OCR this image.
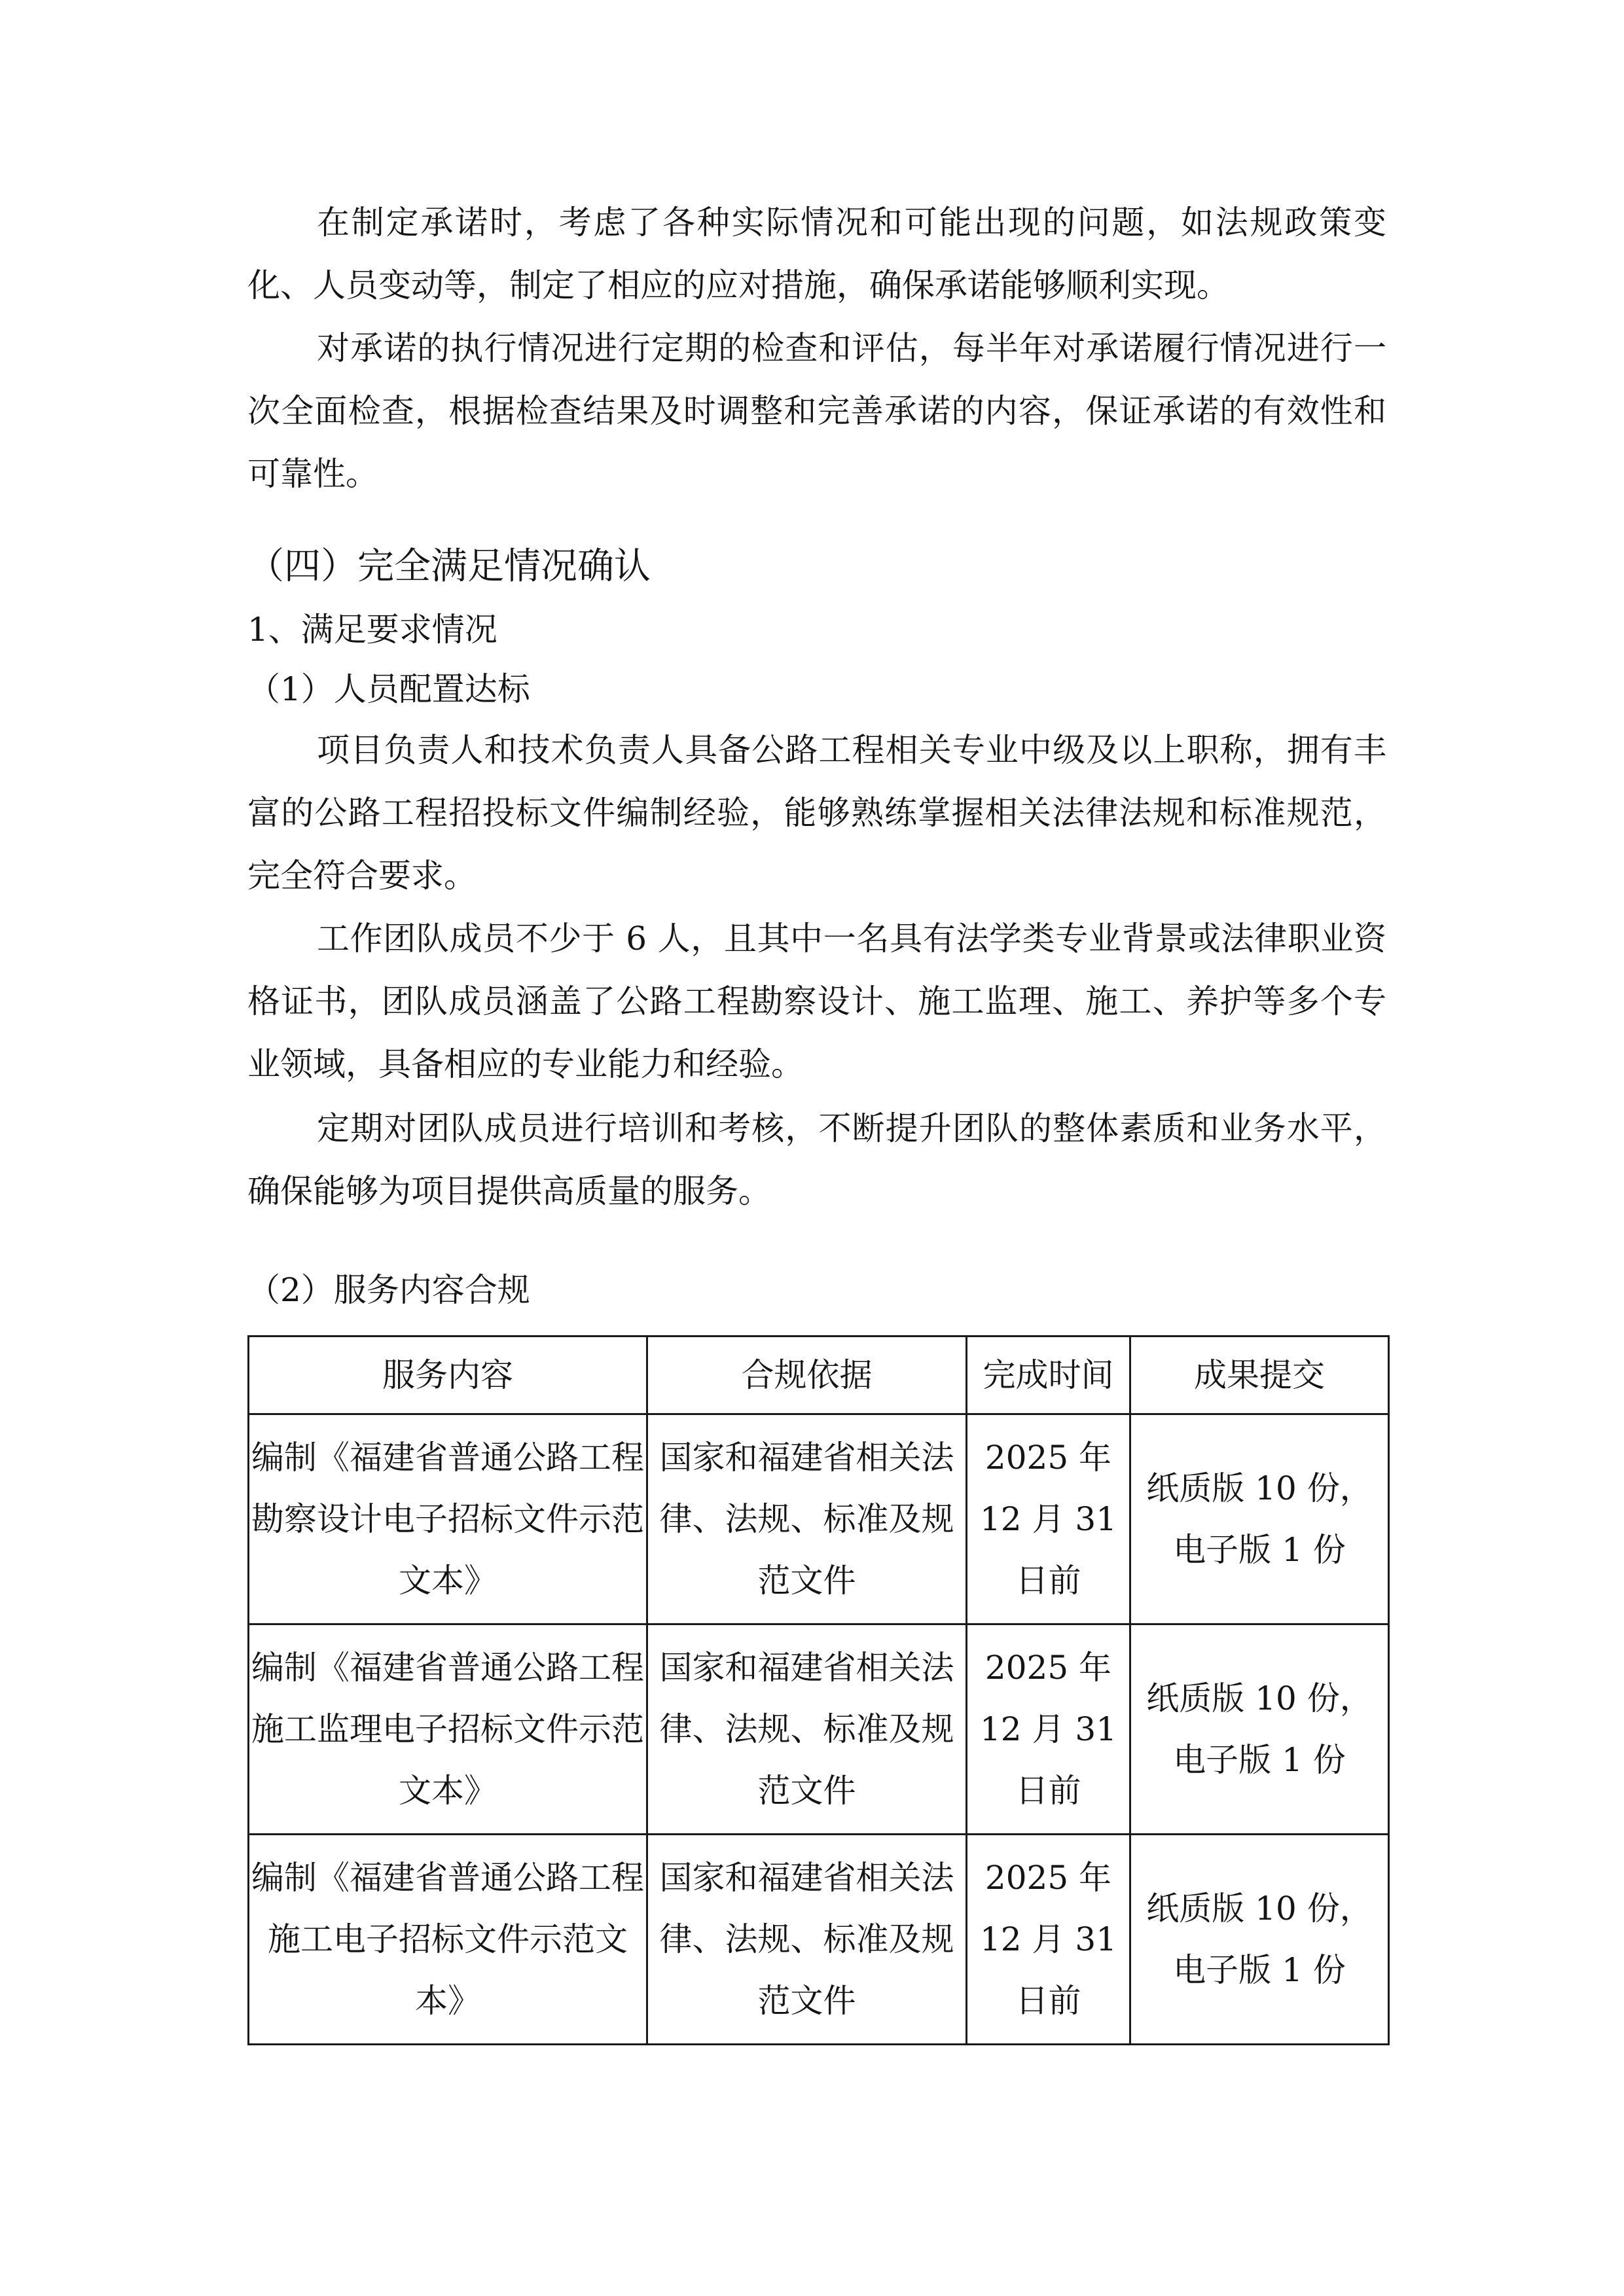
在制定承诺时，考虑了各种实际情况和可能出现的问题，如法规政策变化、人员变动等，制定了相应的应对措施，确保承诺能够顺利实现。

对承诺的执行情况进行定期的检查和评估，每半年对承诺履行情况进行一次全面检查，根据检查结果及时调整和完善承诺的内容，保证承诺的有效性和可靠性。

（四）完全满足情况确认
1、满足要求情况
（1）人员配置达标

项目负责人和技术负责人具备公路工程相关专业中级及以上职称，拥有丰富的公路工程招投标文件编制经验，能够熟练掌握相关法律法规和标准规范，完全符合要求。

工作团队成员不少于 6 人，且其中一名具有法学类专业背景或法律职业资格证书，团队成员涵盖了公路工程勘察设计、施工监理、施工、养护等多个专业领域，具备相应的专业能力和经验。

定期对团队成员进行培训和考核，不断提升团队的整体素质和业务水平，确保能够为项目提供高质量的服务。

（2）服务内容合规
服务内容	合规依据	完成时间	成果提交
编制《福建省普通公路工程勘察设计电子招标文件示范文本》	国家和福建省相关法律、法规、标准及规范文件	2025 年 12 月 31 日前	纸质版 10 份，电子版 1 份
编制《福建省普通公路工程施工监理电子招标文件示范文本》	国家和福建省相关法律、法规、标准及规范文件	2025 年 12 月 31 日前	纸质版 10 份，电子版 1 份
编制《福建省普通公路工程施工电子招标文件示范文本》	国家和福建省相关法律、法规、标准及规范文件	2025 年 12 月 31 日前	纸质版 10 份，电子版 1 份
